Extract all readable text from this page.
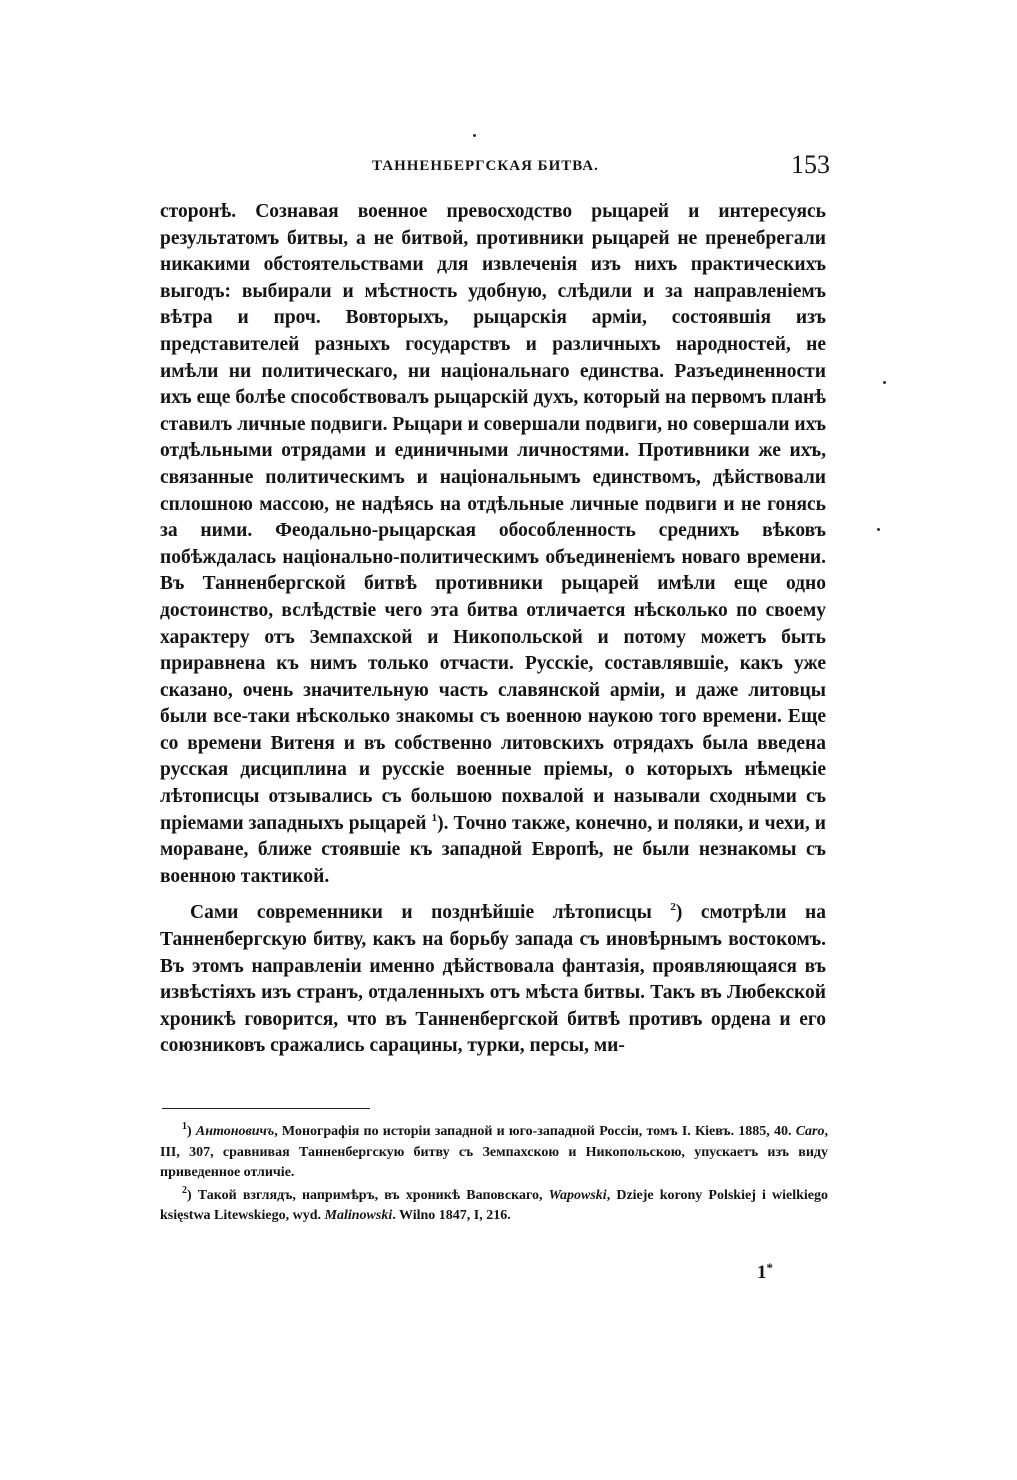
ТАННЕНБЕРГСКАЯ БИТВА.	153

сторонѣ. Сознавая военное превосходство рыцарей и интересуясь результатомъ битвы, а не битвой, противники рыцарей не пренебрегали никакими обстоятельствами для извлеченія изъ нихъ практическихъ выгодъ: выбирали и мѣстность удобную, слѣдили и за направленіемъ вѣтра и проч. Вовторыхъ, рыцарскія арміи, состоявшія изъ представителей разныхъ государствъ и различныхъ народностей, не имѣли ни политическаго, ни національнаго единства. Разъединенности ихъ еще болѣе способствовалъ рыцарскій духъ, который на первомъ планѣ ставилъ личные подвиги. Рыцари и совершали подвиги, но совершали ихъ отдѣльными отрядами и единичными личностями. Противники же ихъ, связанные политическимъ и національнымъ единствомъ, дѣйствовали сплошною массою, не надѣясь на отдѣльные личные подвиги и не гонясь за ними. Феодально-рыцарская обособленность среднихъ вѣковъ побѣждалась національно-политическимъ объединеніемъ новаго времени. Въ Танненбергской битвѣ противники рыцарей имѣли еще одно достоинство, вслѣдствіе чего эта битва отличается нѣсколько по своему характеру отъ Земпахской и Никопольской и потому можетъ быть приравнена къ нимъ только отчасти. Русскіе, составлявшіе, какъ уже сказано, очень значительную часть славянской арміи, и даже литовцы были все-таки нѣсколько знакомы съ военною наукою того времени. Еще со времени Витеня и въ собственно литовскихъ отрядахъ была введена русская дисциплина и русскіе военные пріемы, о которыхъ нѣмецкіе лѣтописцы отзывались съ большою похвалой и называли сходными съ пріемами западныхъ рыцарей $^1$). Точно также, конечно, и поляки, и чехи, и мораване, ближе стоявшіе къ западной Европѣ, не были незнакомы съ военною тактикой.

Сами современники и позднѣйшіе лѣтописцы $^2$) смотрѣли на Танненбергскую битву, какъ на борьбу запада съ иновѣрнымъ востокомъ. Въ этомъ направленіи именно дѣйствовала фантазія, проявляющаяся въ извѣстіяхъ изъ странъ, отдаленныхъ отъ мѣста битвы. Такъ въ Любекской хроникѣ говорится, что въ Танненбергской битвѣ противъ ордена и его союзниковъ сражались сарацины, турки, персы, ми-

$^1$) Антоновичъ, Монографія по исторіи западной и юго-западной Россіи, томъ I. Кіевъ. 1885, 40. Caro, III, 307, сравнивая Танненбергскую битву съ Земпахскою и Никопольскою, упускаетъ изъ виду приведенное отличіе.

$^2$) Такой взглядъ, напримѣръ, въ хроникѣ Ваповскаго, Wapowski, Dzieje korony Polskiej i wielkiego księstwa Litewskiego, wyd. Malinowski. Wilno 1847, I, 216.

1*
